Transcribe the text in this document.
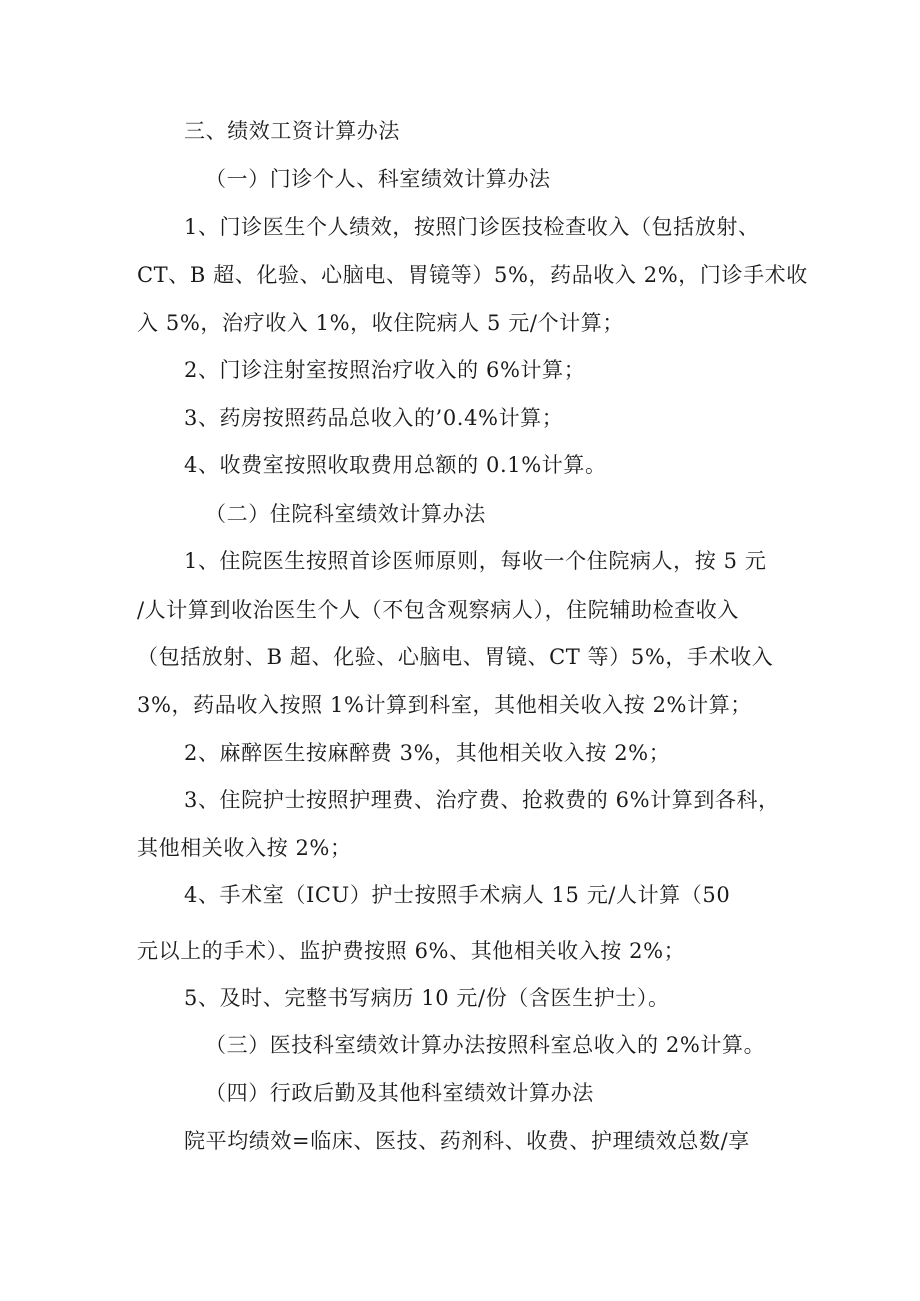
三、绩效工资计算办法
（一）门诊个人、科室绩效计算办法
1、门诊医生个人绩效，按照门诊医技检查收入（包括放射、
CT、B 超、化验、心脑电、胃镜等）5%，药品收入 2%，门诊手术收
入 5%，治疗收入 1%，收住院病人 5 元/个计算；
2、门诊注射室按照治疗收入的 6%计算；
3、药房按照药品总收入的’0.4%计算；
4、收费室按照收取费用总额的 0.1%计算。
（二）住院科室绩效计算办法
1、住院医生按照首诊医师原则，每收一个住院病人，按 5 元
/人计算到收治医生个人（不包含观察病人），住院辅助检查收入
（包括放射、B 超、化验、心脑电、胃镜、CT 等）5%，手术收入
3%，药品收入按照 1%计算到科室，其他相关收入按 2%计算；
2、麻醉医生按麻醉费 3%，其他相关收入按 2%；
3、住院护士按照护理费、治疗费、抢救费的 6%计算到各科，
其他相关收入按 2%；
4、手术室（ICU）护士按照手术病人 15 元/人计算（50
元以上的手术）、监护费按照 6%、其他相关收入按 2%；
5、及时、完整书写病历 10 元/份（含医生护士）。
（三）医技科室绩效计算办法按照科室总收入的 2%计算。
（四）行政后勤及其他科室绩效计算办法
院平均绩效=临床、医技、药剂科、收费、护理绩效总数/享
